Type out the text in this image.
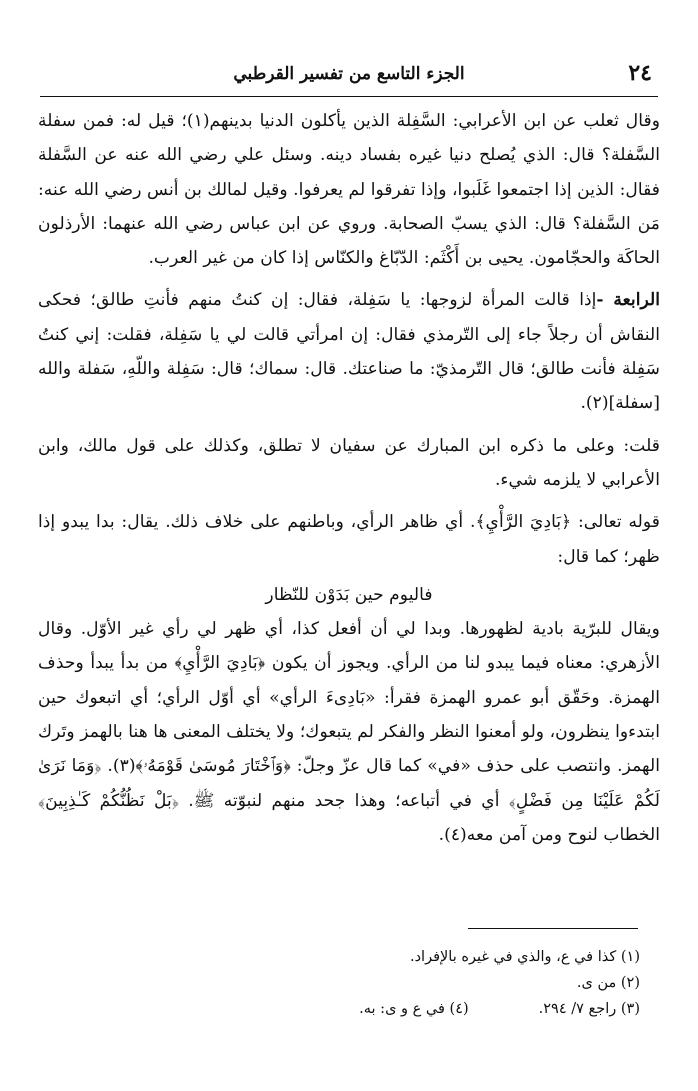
٢٤
الجزء التاسع من تفسير القرطبي

وقال ثعلب عن ابن الأعرابي: السَّفِلة الذين يأكلون الدنيا بدينهم(١)؛ قيل له: فمن سفلة السَّفلة؟ قال: الذي يُصلح دنيا غيره بفساد دينه. وسئل علي رضي الله عنه عن السَّفلة فقال: الذين إذا اجتمعوا غَلَبوا، وإذا تفرقوا لم يعرفوا. وقيل لمالك بن أنس رضي الله عنه: مَن السَّفلة؟ قال: الذي يسبّ الصحابة. وروي عن ابن عباس رضي الله عنهما: الأرذلون الحاكَة والحجّامون. يحيى بن أَكْثَم: الدّبّاغ والكنّاس إذا كان من غير العرب.

الرابعة -إذا قالت المرأة لزوجها: يا سَفِلة، فقال: إن كنتُ منهم فأنتِ طالق؛ فحكى النقاش أن رجلاً جاء إلى التّرمذي فقال: إن امرأتي قالت لي يا سَفِلة، فقلت: إني كنتُ سَفِلة فأنت طالق؛ قال التّرمذيّ: ما صناعتك. قال: سماك؛ قال: سَفِلة واللّهِ، سَفلة والله [سفلة](٢).

قلت: وعلى ما ذكره ابن المبارك عن سفيان لا تطلق، وكذلك على قول مالك، وابن الأعرابي لا يلزمه شيء.

قوله تعالى: ﴿بَادِيَ الرَّأْيِ﴾. أي ظاهر الرأي، وباطنهم على خلاف ذلك. يقال: بدا يبدو إذا ظهر؛ كما قال:

فاليوم حين بَدَوْن للنّظار

ويقال للبرّية بادية لظهورها. وبدا لي أن أفعل كذا، أي ظهر لي رأي غير الأوّل. وقال الأزهري: معناه فيما يبدو لنا من الرأي. ويجوز أن يكون ﴿بَادِيَ الرَّأْيِ﴾ من بدأ يبدأ وحذف الهمزة. وحَقّق أبو عمرو الهمزة فقرأ: «بَادِىءَ الرأي» أي أوّل الرأي؛ أي اتبعوك حين ابتدءوا ينظرون، ولو أمعنوا النظر والفكر لم يتبعوك؛ ولا يختلف المعنى ها هنا بالهمز وتَرك الهمز. وانتصب على حذف «في» كما قال عزّ وجلّ: ﴿وَٱخْتَارَ مُوسَىٰ قَوْمَهُۥ﴾(٣). ﴿وَمَا نَرَىٰ لَكُمْ عَلَيْنَا مِن فَضْلٍ﴾ أي في أتباعه؛ وهذا جحد منهم لنبوّته ﷺ. ﴿بَلْ نَظُنُّكُمْ كَـٰذِبِينَ﴾ الخطاب لنوح ومن آمن معه(٤).

(١) كذا في ع، والذي في غيره بالإفراد.
(٢) من ى.
(٣) راجع ٧/ ٢٩٤.
(٤) في ع و ى: به.
